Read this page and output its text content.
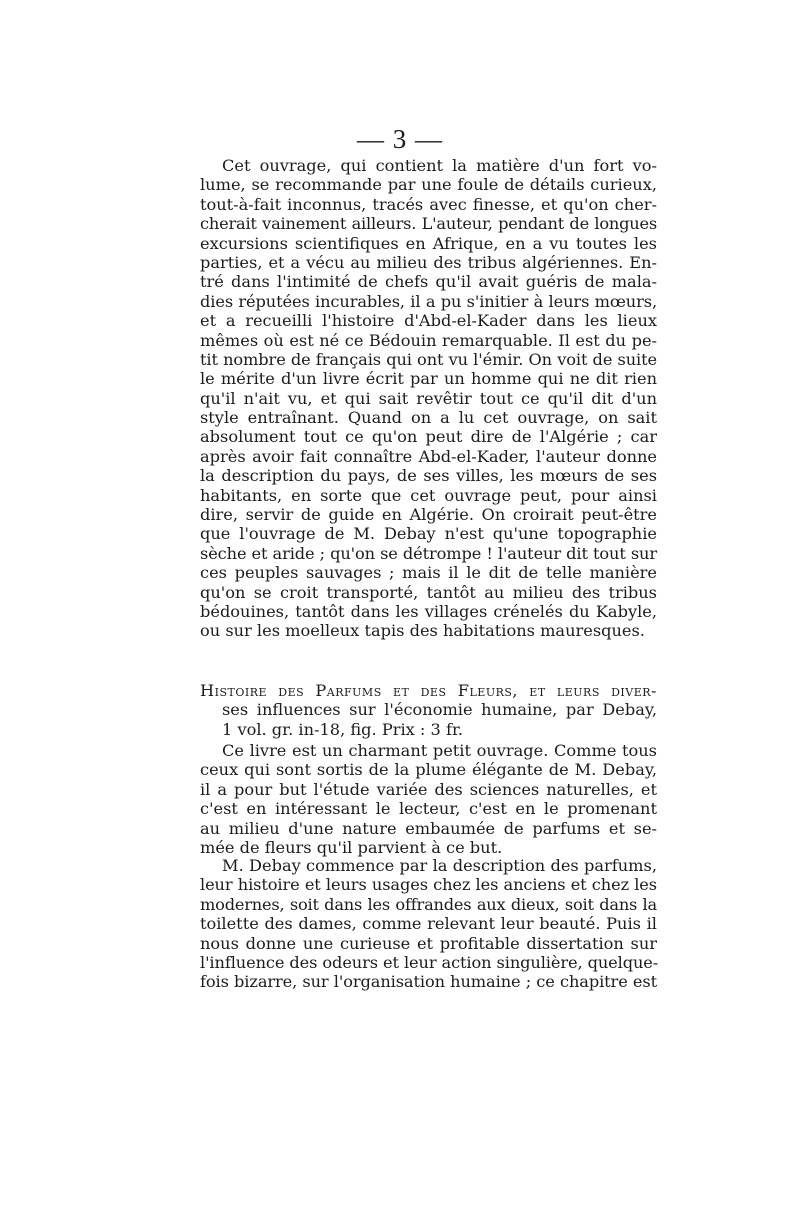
— 3 —
Cet ouvrage, qui contient la matière d'un fort vo-
lume, se recommande par une foule de détails curieux,
tout-à-fait inconnus, tracés avec finesse, et qu'on cher-
cherait vainement ailleurs. L'auteur, pendant de longues
excursions scientifiques en Afrique, en a vu toutes les
parties, et a vécu au milieu des tribus algériennes. En-
tré dans l'intimité de chefs qu'il avait guéris de mala-
dies réputées incurables, il a pu s'initier à leurs mœurs,
et a recueilli l'histoire d'Abd-el-Kader dans les lieux
mêmes où est né ce Bédouin remarquable. Il est du pe-
tit nombre de français qui ont vu l'émir. On voit de suite
le mérite d'un livre écrit par un homme qui ne dit rien
qu'il n'ait vu, et qui sait revêtir tout ce qu'il dit d'un
style entraînant. Quand on a lu cet ouvrage, on sait
absolument tout ce qu'on peut dire de l'Algérie ; car
après avoir fait connaître Abd-el-Kader, l'auteur donne
la description du pays, de ses villes, les mœurs de ses
habitants, en sorte que cet ouvrage peut, pour ainsi
dire, servir de guide en Algérie. On croirait peut-être
que l'ouvrage de M. Debay n'est qu'une topographie
sèche et aride ; qu'on se détrompe ! l'auteur dit tout sur
ces peuples sauvages ; mais il le dit de telle manière
qu'on se croit transporté, tantôt au milieu des tribus
bédouines, tantôt dans les villages crénelés du Kabyle,
ou sur les moelleux tapis des habitations mauresques.
Histoire des Parfums et des Fleurs, et leurs diver-
ses influences sur l'économie humaine, par Debay,
1 vol. gr. in-18, fig. Prix : 3 fr.
Ce livre est un charmant petit ouvrage. Comme tous
ceux qui sont sortis de la plume élégante de M. Debay,
il a pour but l'étude variée des sciences naturelles, et
c'est en intéressant le lecteur, c'est en le promenant
au milieu d'une nature embaumée de parfums et se-
mée de fleurs qu'il parvient à ce but.
M. Debay commence par la description des parfums,
leur histoire et leurs usages chez les anciens et chez les
modernes, soit dans les offrandes aux dieux, soit dans la
toilette des dames, comme relevant leur beauté. Puis il
nous donne une curieuse et profitable dissertation sur
l'influence des odeurs et leur action singulière, quelque-
fois bizarre, sur l'organisation humaine ; ce chapitre est
